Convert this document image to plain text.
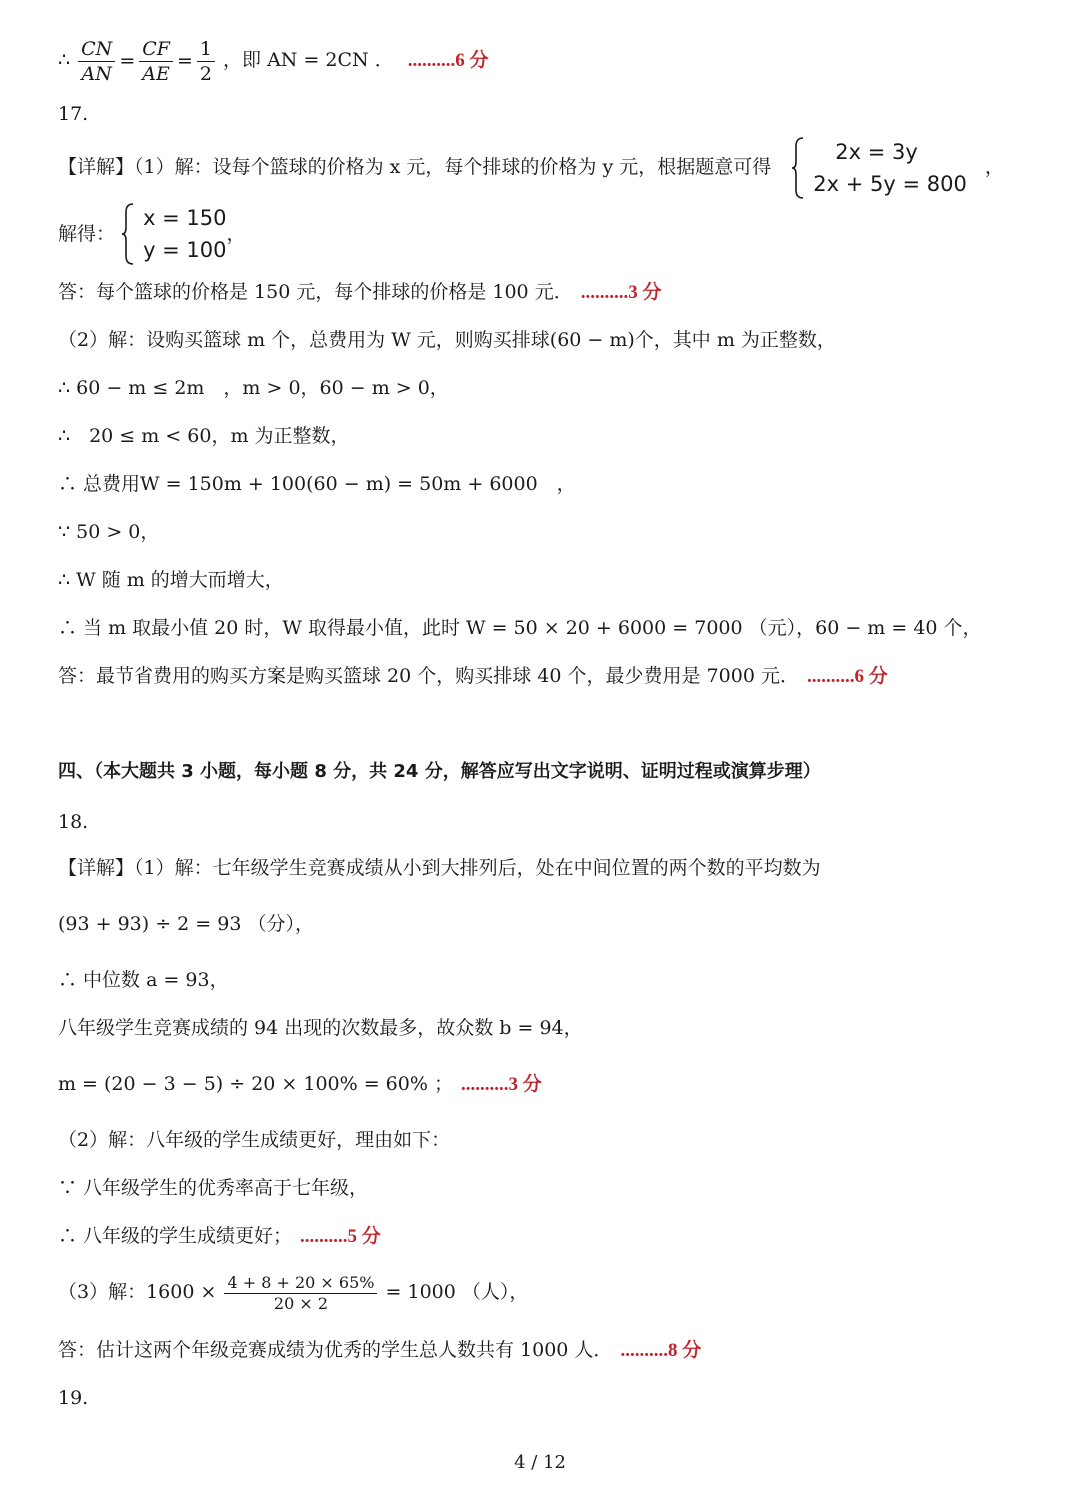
∴ $\frac{CN}{AN} = \frac{CF}{AE} = \frac{1}{2}$ ，即 AN = 2CN ． ..........6 分
17.
【详解】（1）解：设每个篮球的价格为 x 元，每个排球的价格为 y 元，根据题意可得
2x = 3y
2x + 5y = 800
，
解得：
x = 150
y = 100
，
答：每个篮球的价格是 150 元，每个排球的价格是 100 元． ..........3 分
（2）解：设购买篮球 m 个，总费用为 W 元，则购买排球(60 − m)个，其中 m 为正整数，
∴ 60 − m ≤ 2m　，m > 0，60 − m > 0，
∴　20 ≤ m < 60，m 为正整数，
∴ 总费用W = 150m + 100(60 − m) = 50m + 6000　，
∵ 50 > 0，
∴ W 随 m 的增大而增大，
∴ 当 m 取最小值 20 时，W 取得最小值，此时 W = 50 × 20 + 6000 = 7000 （元），60 − m = 40 个，
答：最节省费用的购买方案是购买篮球 20 个，购买排球 40 个，最少费用是 7000 元． ..........6 分
四、（本大题共 3 小题，每小题 8 分，共 24 分，解答应写出文字说明、证明过程或演算步理）
18.
【详解】（1）解：七年级学生竞赛成绩从小到大排列后，处在中间位置的两个数的平均数为
(93 + 93) ÷ 2 = 93 （分），
∴ 中位数 a = 93，
八年级学生竞赛成绩的 94 出现的次数最多，故众数 b = 94，
m = (20 − 3 − 5) ÷ 20 × 100% = 60% ； ..........3 分
（2）解：八年级的学生成绩更好，理由如下：
∵ 八年级学生的优秀率高于七年级，
∴ 八年级的学生成绩更好； ..........5 分
（3）解：$1600 \times \frac{4 + 8 + 20 \times 65\%}{20 \times 2} = 1000$ （人），
答：估计这两个年级竞赛成绩为优秀的学生总人数共有 1000 人． ..........8 分
19.
4 / 12
